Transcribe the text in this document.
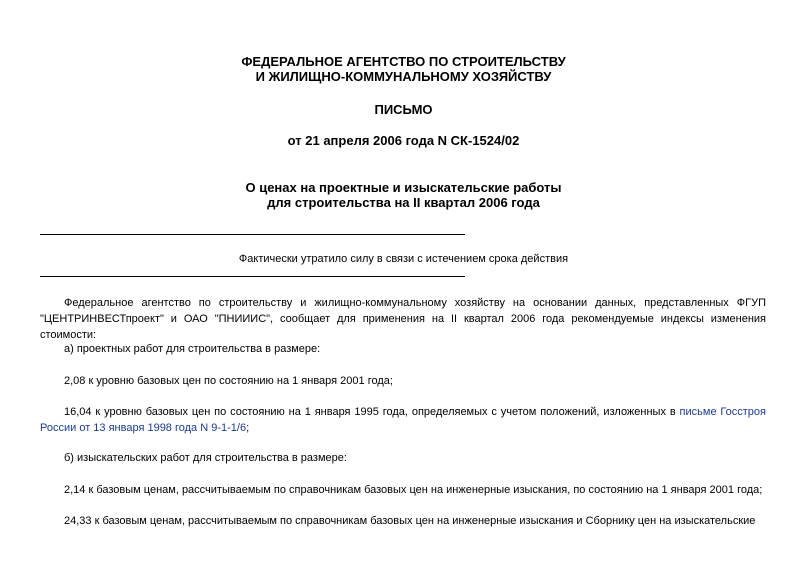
ФЕДЕРАЛЬНОЕ АГЕНТСТВО ПО СТРОИТЕЛЬСТВУ
И ЖИЛИЩНО-КОММУНАЛЬНОМУ ХОЗЯЙСТВУ
ПИСЬМО
от 21 апреля 2006 года N СК-1524/02
О ценах на проектные и изыскательские работы
для строительства на II квартал 2006 года
Фактически утратило силу в связи с истечением срока действия
Федеральное агентство по строительству и жилищно-коммунальному хозяйству на основании данных, представленных ФГУП "ЦЕНТРИНВЕСТпроект" и ОАО "ПНИИИС", сообщает для применения на II квартал 2006 года рекомендуемые индексы изменения стоимости:
а) проектных работ для строительства в размере:
2,08 к уровню базовых цен по состоянию на 1 января 2001 года;
16,04 к уровню базовых цен по состоянию на 1 января 1995 года, определяемых с учетом положений, изложенных в письме Госстроя России от 13 января 1998 года N 9-1-1/6;
б) изыскательских работ для строительства в размере:
2,14 к базовым ценам, рассчитываемым по справочникам базовых цен на инженерные изыскания, по состоянию на 1 января 2001 года;
24,33 к базовым ценам, рассчитываемым по справочникам базовых цен на инженерные изыскания и Сборнику цен на изыскательские
